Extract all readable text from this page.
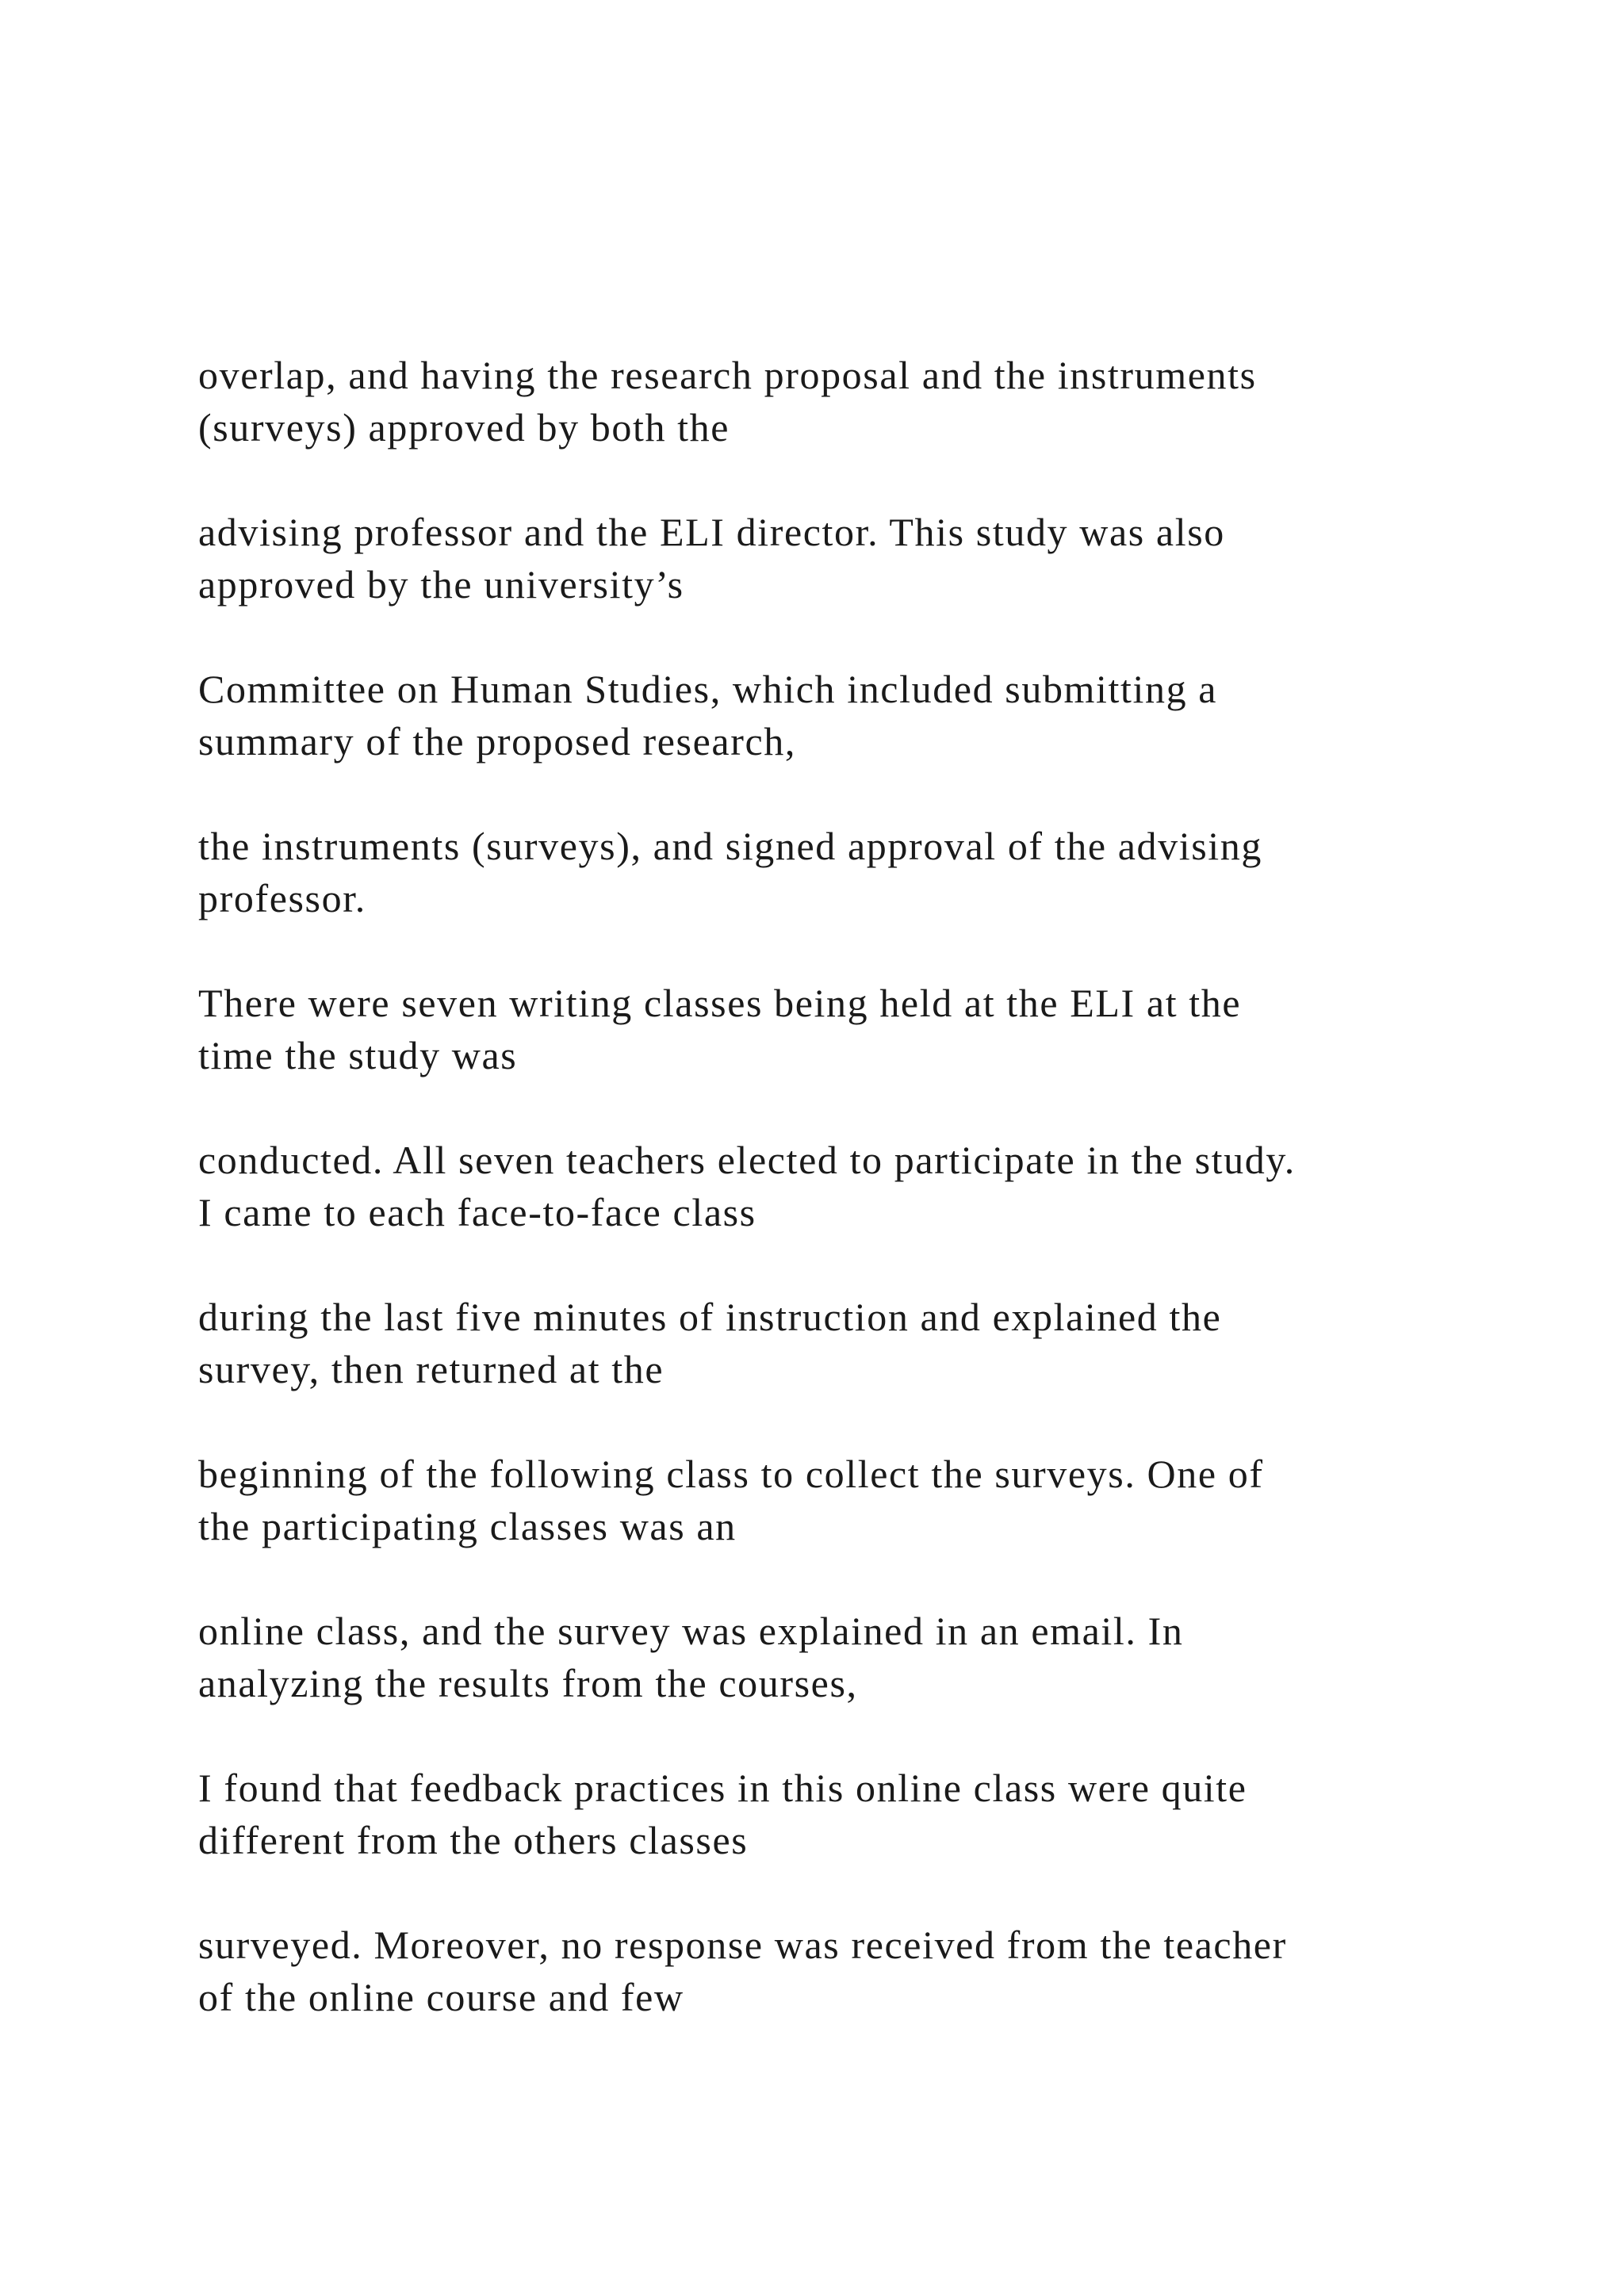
overlap, and having the research proposal and the instruments
(surveys) approved by both the

advising professor and the ELI director. This study was also
approved by the university’s

Committee on Human Studies, which included submitting a
summary of the proposed research,

the instruments (surveys), and signed approval of the advising
professor.

There were seven writing classes being held at the ELI at the
time the study was

conducted. All seven teachers elected to participate in the study.
I came to each face-to-face class

during the last five minutes of instruction and explained the
survey, then returned at the

beginning of the following class to collect the surveys. One of
the participating classes was an

online class, and the survey was explained in an email. In
analyzing the results from the courses,

I found that feedback practices in this online class were quite
different from the others classes

surveyed. Moreover, no response was received from the teacher
of the online course and few
